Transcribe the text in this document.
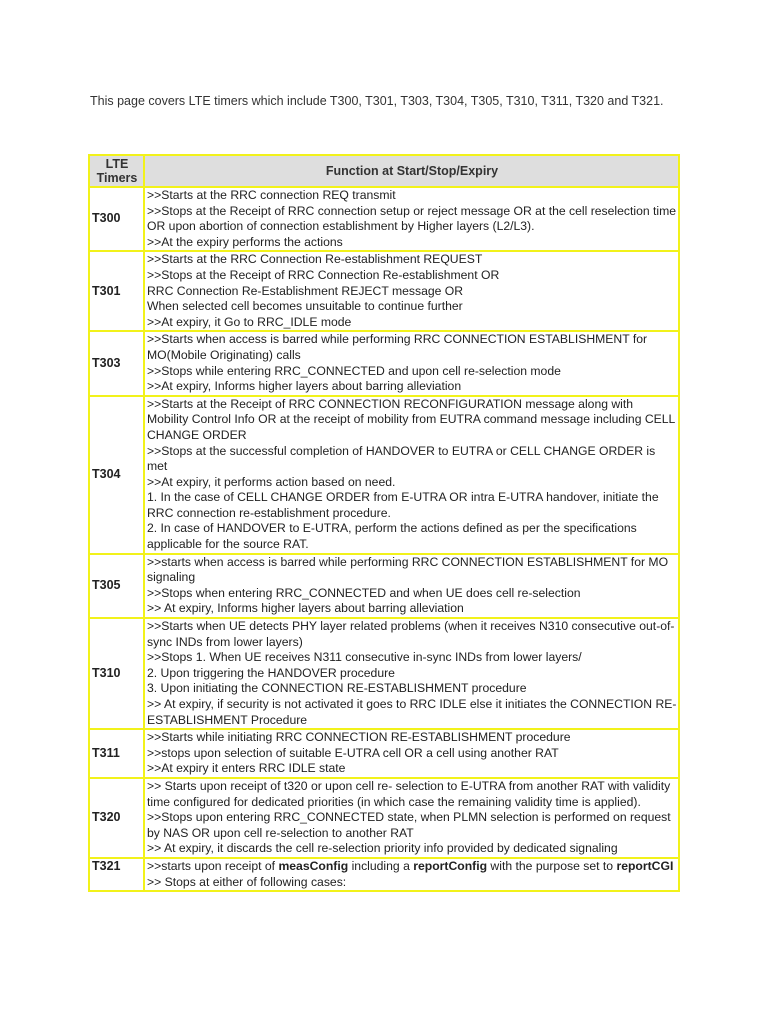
This page covers LTE timers which include T300, T301, T303, T304, T305, T310, T311, T320 and T321.
LTE Timers	Function at Start/Stop/Expiry
T300	>>Starts at the RRC connection REQ transmit
>>Stops at the Receipt of RRC connection setup or reject message OR at the cell reselection time OR upon abortion of connection establishment by Higher layers (L2/L3).
>>At the expiry performs the actions

T301	>>Starts at the RRC Connection Re-establishment REQUEST
>>Stops at the Receipt of RRC Connection Re-establishment OR
RRC Connection Re-Establishment REJECT message OR
When selected cell becomes unsuitable to continue further
>>At expiry, it Go to RRC_IDLE mode

T303	>>Starts when access is barred while performing RRC CONNECTION ESTABLISHMENT for MO(Mobile Originating) calls
>>Stops while entering RRC_CONNECTED and upon cell re-selection mode
>>At expiry, Informs higher layers about barring alleviation

T304	>>Starts at the Receipt of RRC CONNECTION RECONFIGURATION message along with Mobility Control Info OR at the receipt of mobility from EUTRA command message including CELL CHANGE ORDER
>>Stops at the successful completion of HANDOVER to EUTRA or CELL CHANGE ORDER is met
>>At expiry, it performs action based on need.
1. In the case of CELL CHANGE ORDER from E-UTRA OR intra E-UTRA handover, initiate the RRC connection re-establishment procedure.
2. In case of HANDOVER to E-UTRA, perform the actions defined as per the specifications applicable for the source RAT.

T305	>>starts when access is barred while performing RRC CONNECTION ESTABLISHMENT for MO signaling
>>Stops when entering RRC_CONNECTED and when UE does cell re-selection
>> At expiry, Informs higher layers about barring alleviation

T310	>>Starts when UE detects PHY layer related problems (when it receives N310 consecutive out-of-sync INDs from lower layers)
>>Stops 1. When UE receives N311 consecutive in-sync INDs from lower layers/
2. Upon triggering the HANDOVER procedure
3. Upon initiating the CONNECTION RE-ESTABLISHMENT procedure
>> At expiry, if security is not activated it goes to RRC IDLE else it initiates the CONNECTION RE-ESTABLISHMENT Procedure

T311	>>Starts while initiating RRC CONNECTION RE-ESTABLISHMENT procedure
>>stops upon selection of suitable E-UTRA cell OR a cell using another RAT
>>At expiry it enters RRC IDLE state

T320	>> Starts upon receipt of t320 or upon cell re- selection to E-UTRA from another RAT with validity time configured for dedicated priorities (in which case the remaining validity time is applied).
>>Stops upon entering RRC_CONNECTED state, when PLMN selection is performed on request by NAS OR upon cell re-selection to another RAT
>> At expiry, it discards the cell re-selection priority info provided by dedicated signaling

T321	>>starts upon receipt of measConfig including a reportConfig with the purpose set to reportCGI
>> Stops at either of following cases:
